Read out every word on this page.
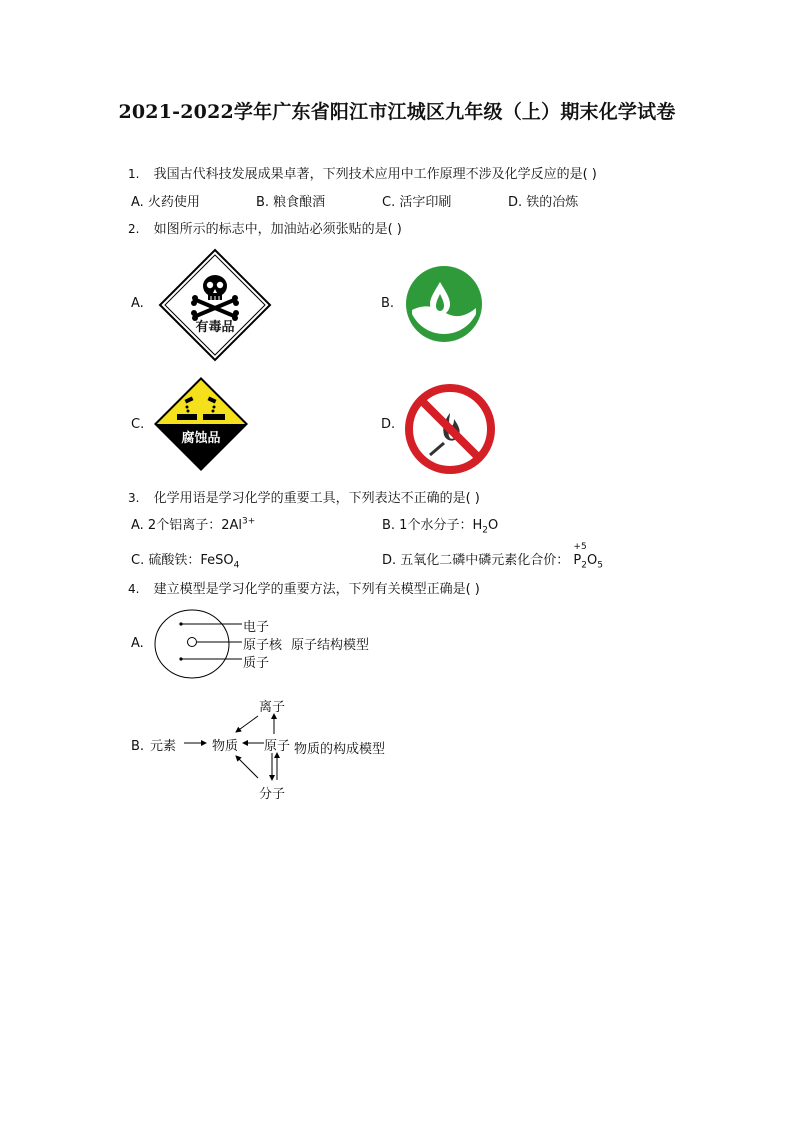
2021-2022学年广东省阳江市江城区九年级（上）期末化学试卷
1. 我国古代科技发展成果卓著，下列技术应用中工作原理不涉及化学反应的是( )
A. 火药使用	B. 粮食酿酒	C. 活字印刷	D. 铁的冶炼
2. 如图所示的标志中，加油站必须张贴的是( )
A.
有毒品
B.
C.
腐蚀品
D.
3. 化学用语是学习化学的重要工具，下列表达不正确的是( )
A. 2个铝离子：$2Al^{3+}$	B. 1个水分子：$H_2O$
C. 硫酸铁：FeSO$_4$	D. 五氧化二磷中磷元素化合价：
+5
$P_2O_5$
4. 建立模型是学习化学的重要方法，下列有关模型正确是( )
A.
电子
原子核
质子
原子结构模型
B. 元素	物质 原子
离子
分子
物质的构成模型
